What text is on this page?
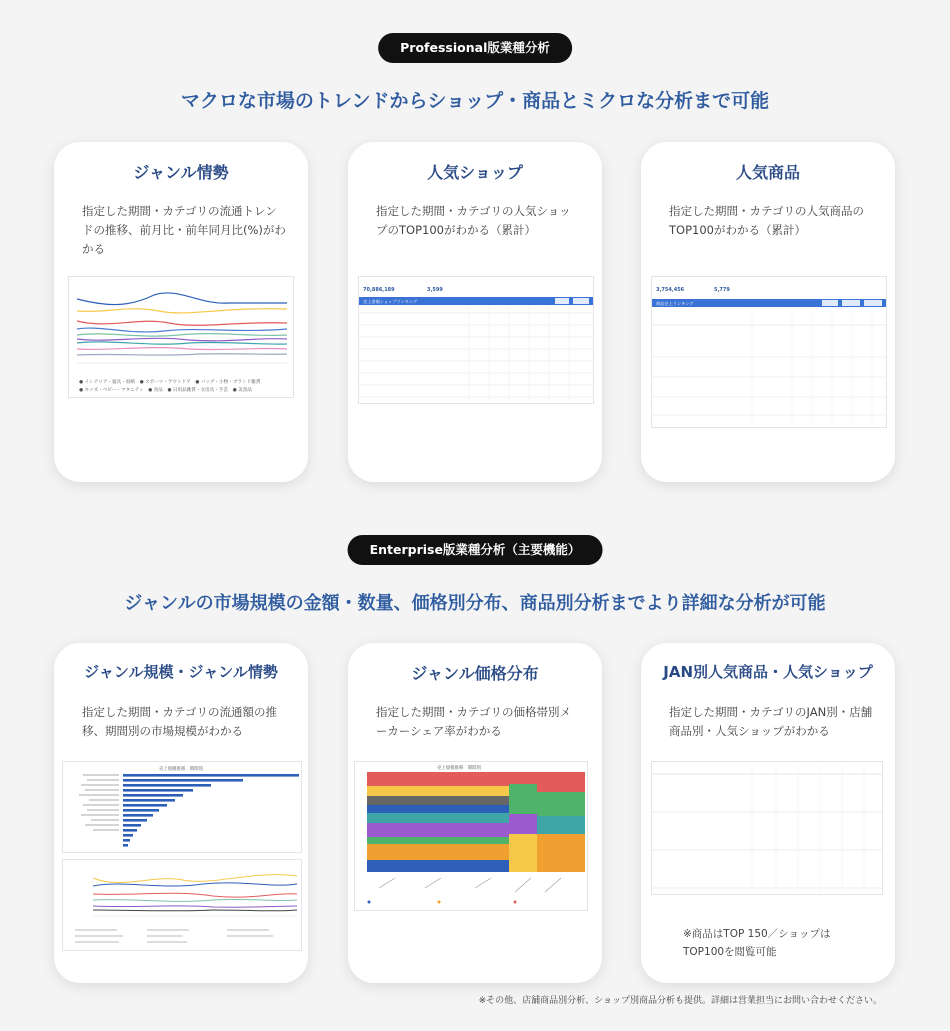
Professional版業種分析
マクロな市場のトレンドからショップ・商品とミクロな分析まで可能
ジャンル情勢
指定した期間・カテゴリの流通トレンドの推移、前月比・前年同月比(%)がわかる
● インテリア・寝具・収納　● スポーツ・アウトドア　● バッグ・小物・ブランド雑貨
● キッズ・ベビー・マタニティ　● 食品　● 日用品雑貨・文房具・手芸　● 美容品
人気ショップ
指定した期間・カテゴリの人気ショップのTOP100がわかる（累計）
70,886,189	3,599
売上金額ショップランキング
人気商品
指定した期間・カテゴリの人気商品のTOP100がわかる（累計）
3,754,456	5,779
商品売上ランキング
Enterprise版業種分析（主要機能）
ジャンルの市場規模の金額・数量、価格別分布、商品別分析までより詳細な分析が可能
ジャンル規模・ジャンル情勢
指定した期間・カテゴリの流通額の推移、期間別の市場規模がわかる
売上規模推移　期間別
ジャンル価格分布
指定した期間・カテゴリの価格帯別メーカーシェア率がわかる
売上規模推移　期間別
JAN別人気商品・人気ショップ
指定した期間・カテゴリのJAN別・店舗商品別・人気ショップがわかる
※商品はTOP 150／ショップは
TOP100を閲覧可能
※その他、店舗商品別分析、ショップ別商品分析も提供。詳細は営業担当にお問い合わせください。
